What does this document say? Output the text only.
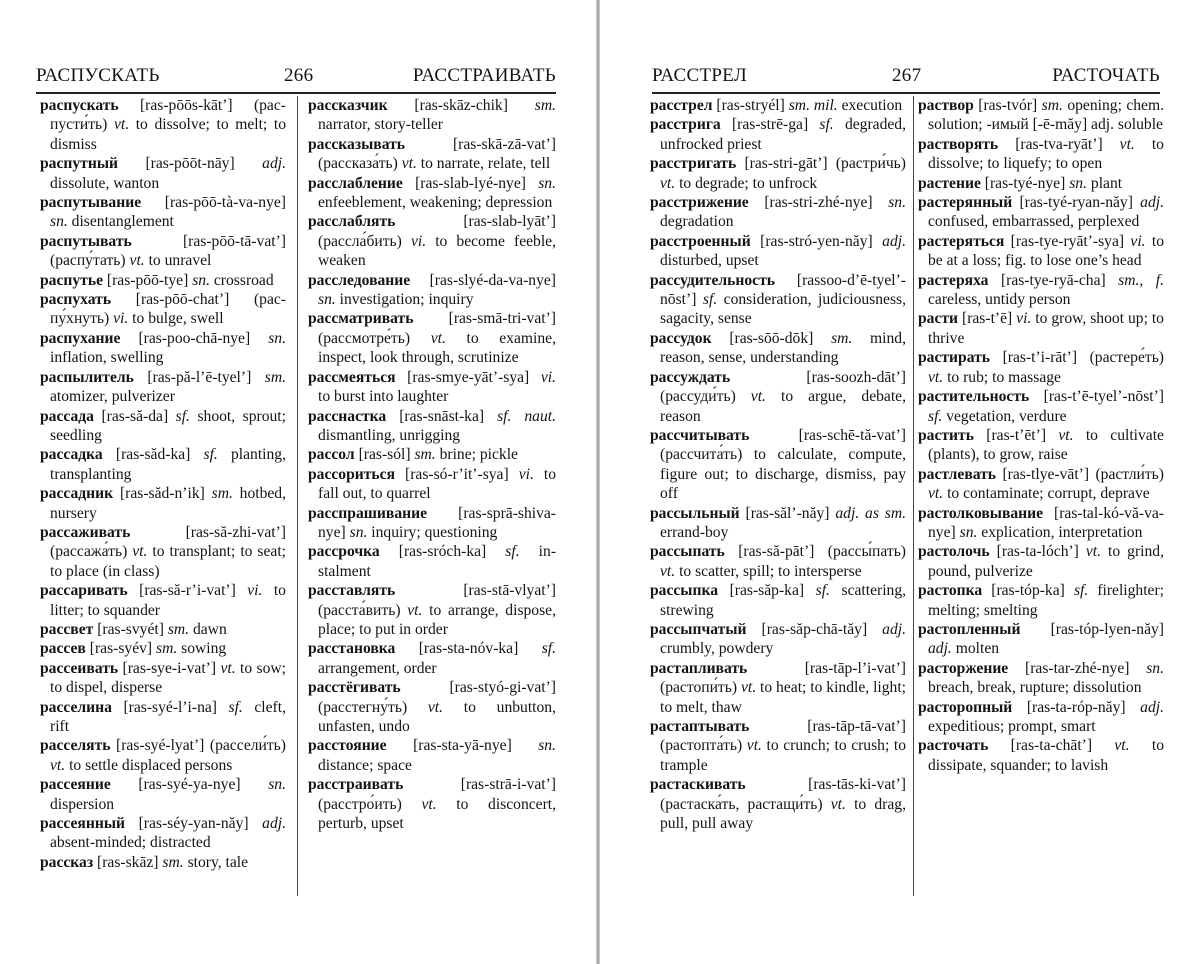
РАСПУСКАТЬ	266	РАССТРАИВАТЬ

распускать [ras-pōōs-kāt’] (распусти́ть) vt. to dissolve; to melt; to dismiss

распутный [ras-pōōt-nāy] adj. dissolute, wanton

распутывание [ras-pōō-tà-va-nye] sn. disentanglement

распутывать	[ras-pōō-tā-vat’] (распу́тать) vt. to unravel

распутье [ras-pōō-tye] sn. crossroad

распухать [ras-pōō-chat’] (распу́хнуть) vi. to bulge, swell

распухание [ras-poo-chā-nye] sn. inflation, swelling

распылитель [ras-pă-l’ē-tyel’] sm. atomizer, pulverizer

рассада [ras-să-da] sf. shoot, sprout; seedling

рассадка [ras-săd-ka] sf. planting, transplanting

рассадник [ras-săd-n’ik] sm. hotbed, nursery

рассаживать	[ras-să-zhi-vat’] (рассажа́ть) vt. to transplant; to seat; to place (in class)

рассаривать [ras-să-r’i-vat’] vi. to litter; to squander

рассвет [ras-svyét] sm. dawn

рассев [ras-syév] sm. sowing

рассеивать [ras-sye-i-vat’] vt. to sow; to dispel, disperse

расселина [ras-syé-l’i-na] sf. cleft, rift

расселять [ras-syé-lyat’] (рассели́ть) vt. to settle displaced persons

рассеяние [ras-syé-ya-nye] sn. dispersion

рассеянный [ras-séy-yan-năy] adj. absent-minded; distracted

рассказ [ras-skāz] sm. story, tale

рассказчик [ras-skāz-chik] sm. narrator, story-teller

рассказывать	[ras-skā-zā-vat’] (рассказа́ть) vt. to narrate, relate, tell

расслабление [ras-slab-lyé-nye] sn. enfeeblement, weakening; depression

расслаблять	[ras-slab-lyāt’] (рассла́бить) vi. to become feeble, weaken

расследование [ras-slyé-da-va-nye] sn. investigation; inquiry

рассматривать [ras-smā-tri-vat’] (рассмотре́ть) vt. to examine, inspect, look through, scrutinize

рассмеяться [ras-smye-yāt’-sya] vi. to burst into laughter

расснастка [ras-snāst-ka] sf. naut. dismantling, unrigging

рассол [ras-sól] sm. brine; pickle

рассориться [ras-só-r’it’-sya] vi. to fall out, to quarrel

расспрашивание [ras-sprā-shiva-nye] sn. inquiry; questioning

рассрочка [ras-sróch-ka] sf. instalment

расставлять	[ras-stā-vlyat’] (расста́вить) vt. to arrange, dispose, place; to put in order

расстановка [ras-sta-nóv-ka] sf. arrangement, order

расстёгивать	[ras-styó-gi-vat’] (расстегну́ть) vt. to unbutton, unfasten, undo

расстояние [ras-sta-yā-nye] sn. distance; space

расстраивать	[ras-strā-i-vat’] (расстро́ить) vt. to disconcert, perturb, upset

РАССТРЕЛ	267	РАСТОЧАТЬ

расстрел [ras-stryél] sm. mil. execution

расстрига [ras-strē-ga] sf. degraded, unfrocked priest

расстригать [ras-stri-gāt’] (растри́чь) vt. to degrade; to unfrock

расстрижение [ras-stri-zhé-nye] sn. degradation

расстроенный [ras-stró-yen-năy] adj. disturbed, upset

рассудительность [rassoo-d’ē-tyel’-nōst’] sf. consideration, judiciousness, sagacity, sense

рассудок [ras-sōō-dōk] sm. mind, reason, sense, understanding

рассуждать	[ras-soozh-dāt’] (рассуди́ть) vt. to argue, debate, reason

рассчитывать	[ras-schē-tă-vat’] (рассчита́ть) to calculate, compute, figure out; to discharge, dismiss, pay off

рассыльный [ras-săl’-năy] adj. as sm. errand-boy

рассыпать [ras-să-pāt’] (рассы́пать) vt. to scatter, spill; to intersperse

рассыпка [ras-săp-ka] sf. scattering, strewing

рассыпчатый [ras-săp-chā-tăy] adj. crumbly, powdery

растапливать	[ras-tāp-l’i-vat’] (растопи́ть) vt. to heat; to kindle, light; to melt, thaw

растаптывать	[ras-tāp-tā-vat’] (растопта́ть) vt. to crunch; to crush; to trample

растаскивать	[ras-tās-ki-vat’] (растаска́ть, растащи́ть) vt. to drag, pull, pull away

раствор [ras-tvór] sm. opening; chem. solution; -имый [-ē-măy] adj. soluble

растворять [ras-tva-ryāt’] vt. to dissolve; to liquefy; to open

растение [ras-tyé-nye] sn. plant

растерянный [ras-tyé-ryan-năy] adj. confused, embarrassed, perplexed

растеряться [ras-tye-ryāt’-sya] vi. to be at a loss; fig. to lose one’s head

растеряха [ras-tye-ryā-cha] sm., f. careless, untidy person

расти [ras-t’ē] vi. to grow, shoot up; to thrive

растирать [ras-t’i-rāt’] (растере́ть) vt. to rub; to massage

растительность [ras-t’ē-tyel’-nōst’] sf. vegetation, verdure

растить [ras-t’ēt’] vt. to cultivate (plants), to grow, raise

растлевать [ras-tlye-vāt’] (растли́ть) vt. to contaminate; corrupt, deprave

растолковывание [ras-tal-kó-vă-va-nye] sn. explication, interpretation

растолочь [ras-ta-lóch’] vt. to grind, pound, pulverize

растопка [ras-tóp-ka] sf. firelighter; melting; smelting

растопленный [ras-tóp-lyen-năy] adj. molten

расторжение [ras-tar-zhé-nye] sn. breach, break, rupture; dissolution

расторопный [ras-ta-róp-năy] adj. expeditious; prompt, smart

расточать [ras-ta-chāt’] vt. to dissipate, squander; to lavish
